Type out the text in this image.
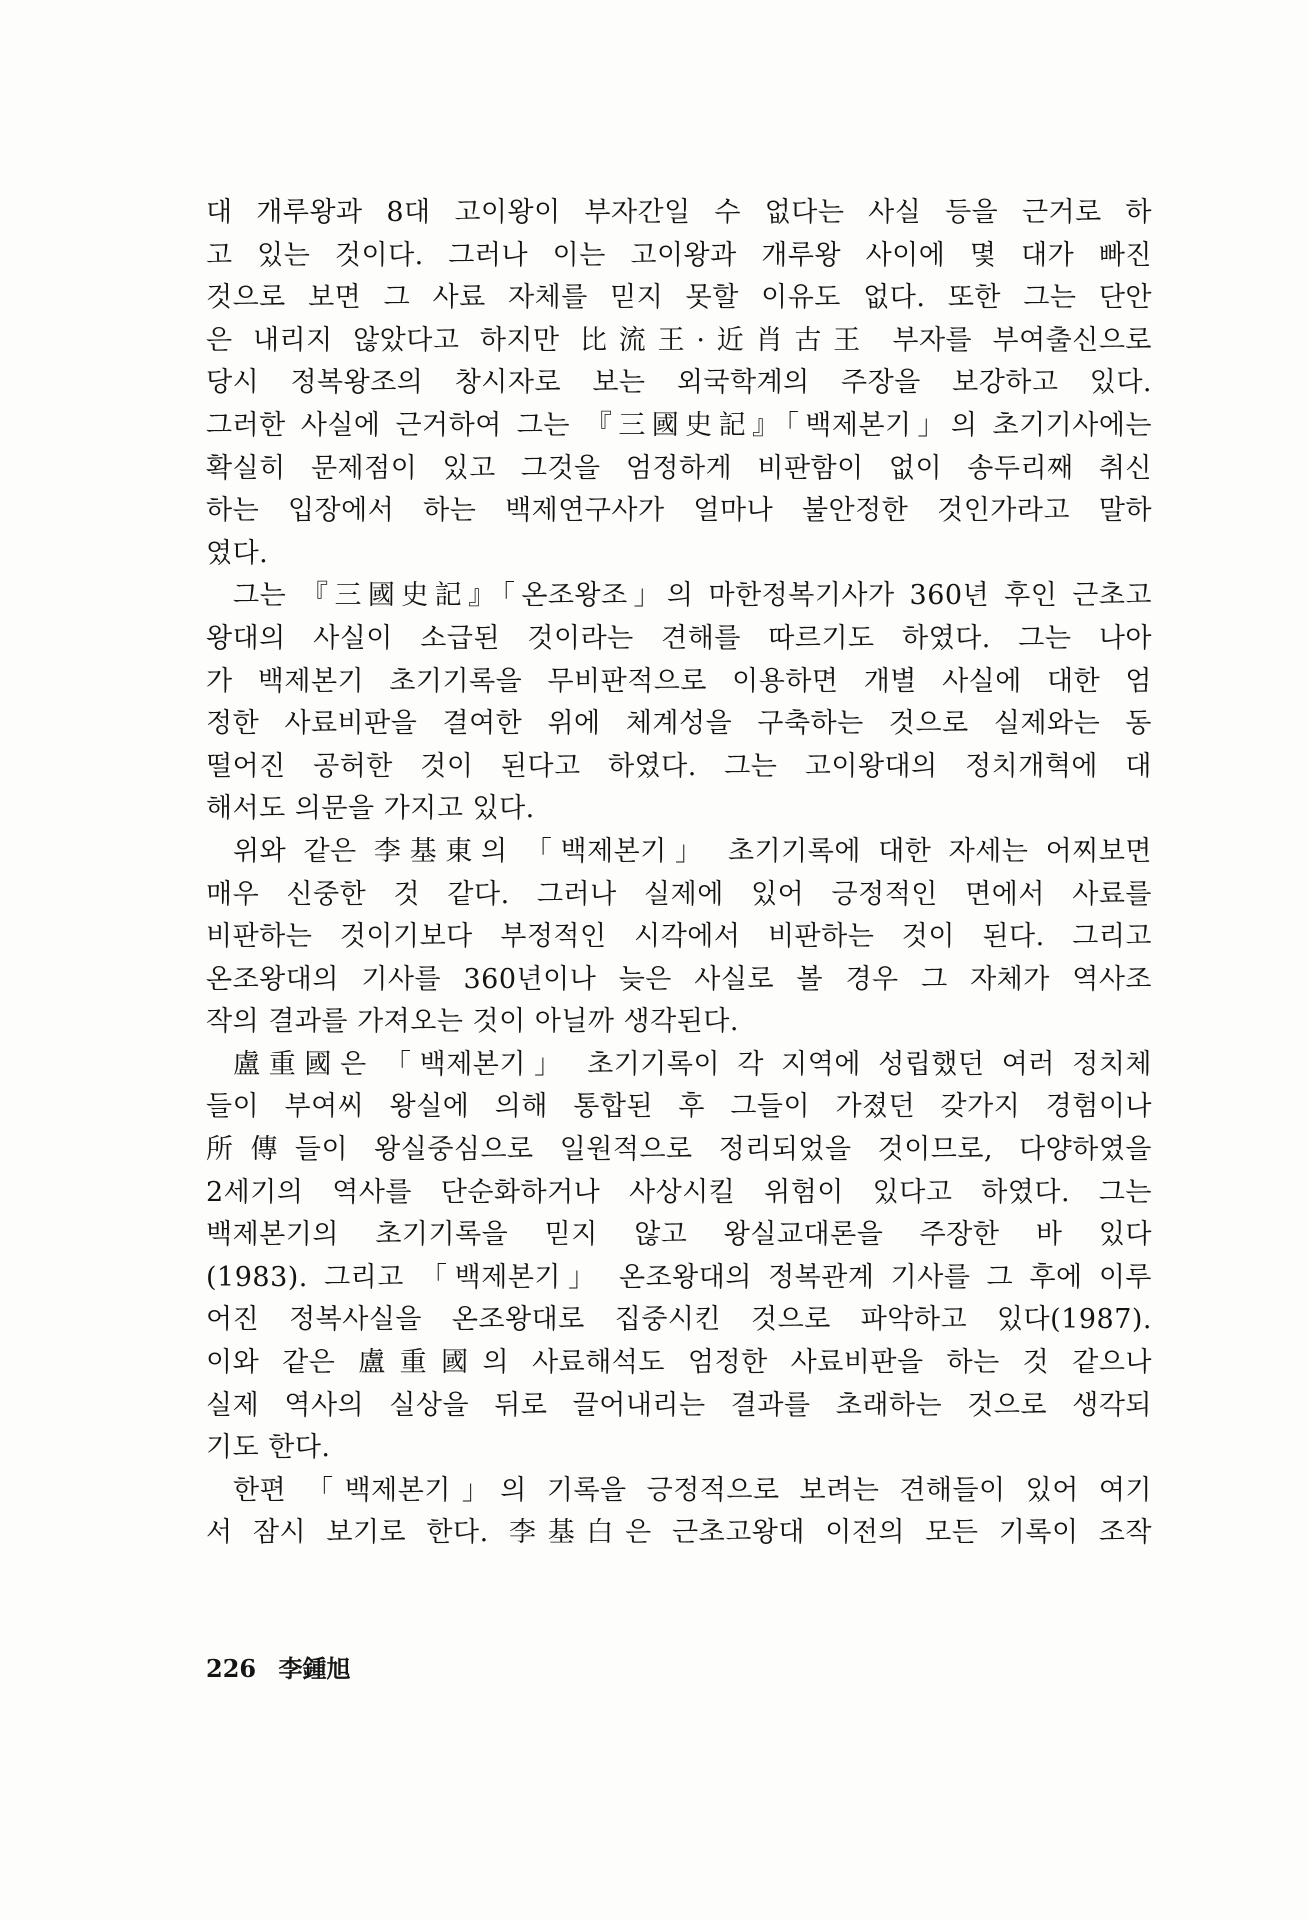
대 개루왕과 8대 고이왕이 부자간일 수 없다는 사실 등을 근거로 하
고 있는 것이다. 그러나 이는 고이왕과 개루왕 사이에 몇 대가 빠진
것으로 보면 그 사료 자체를 믿지 못할 이유도 없다. 또한 그는 단안
은 내리지 않았다고 하지만 比流王·近肖古王 부자를 부여출신으로
당시 정복왕조의 창시자로 보는 외국학계의 주장을 보강하고 있다.
그러한 사실에 근거하여 그는 『三國史記』「백제본기」의 초기기사에는
확실히 문제점이 있고 그것을 엄정하게 비판함이 없이 송두리째 취신
하는 입장에서 하는 백제연구사가 얼마나 불안정한 것인가라고 말하
였다.
그는 『三國史記』「온조왕조」의 마한정복기사가 360년 후인 근초고
왕대의 사실이 소급된 것이라는 견해를 따르기도 하였다. 그는 나아
가 백제본기 초기기록을 무비판적으로 이용하면 개별 사실에 대한 엄
정한 사료비판을 결여한 위에 체계성을 구축하는 것으로 실제와는 동
떨어진 공허한 것이 된다고 하였다. 그는 고이왕대의 정치개혁에 대
해서도 의문을 가지고 있다.
위와 같은 李基東의 「백제본기」 초기기록에 대한 자세는 어찌보면
매우 신중한 것 같다. 그러나 실제에 있어 긍정적인 면에서 사료를
비판하는 것이기보다 부정적인 시각에서 비판하는 것이 된다. 그리고
온조왕대의 기사를 360년이나 늦은 사실로 볼 경우 그 자체가 역사조
작의 결과를 가져오는 것이 아닐까 생각된다.
盧重國은 「백제본기」 초기기록이 각 지역에 성립했던 여러 정치체
들이 부여씨 왕실에 의해 통합된 후 그들이 가졌던 갖가지 경험이나
所傳들이 왕실중심으로 일원적으로 정리되었을 것이므로, 다양하였을
2세기의 역사를 단순화하거나 사상시킬 위험이 있다고 하였다. 그는
백제본기의 초기기록을 믿지 않고 왕실교대론을 주장한 바 있다
(1983). 그리고 「백제본기」 온조왕대의 정복관계 기사를 그 후에 이루
어진 정복사실을 온조왕대로 집중시킨 것으로 파악하고 있다(1987).
이와 같은 盧重國의 사료해석도 엄정한 사료비판을 하는 것 같으나
실제 역사의 실상을 뒤로 끌어내리는 결과를 초래하는 것으로 생각되
기도 한다.
한편 「백제본기」의 기록을 긍정적으로 보려는 견해들이 있어 여기
서 잠시 보기로 한다. 李基白은 근초고왕대 이전의 모든 기록이 조작
226 李鍾旭
